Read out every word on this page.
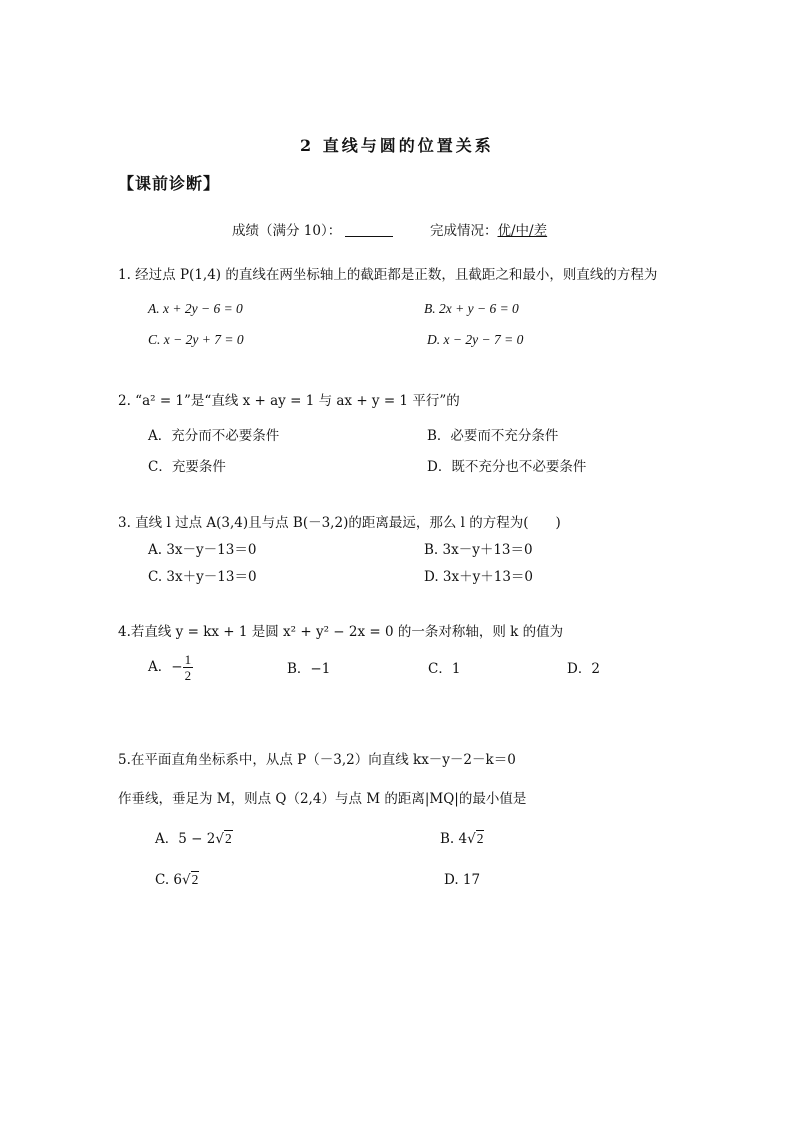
2 直线与圆的位置关系
【课前诊断】
成绩（满分 10）：	完成情况：优/中/差
1. 经过点 P(1,4) 的直线在两坐标轴上的截距都是正数，且截距之和最小，则直线的方程为
A. x + 2y − 6 = 0	B. 2x + y − 6 = 0
C. x − 2y + 7 = 0	D. x − 2y − 7 = 0
2. “a² = 1”是“直线 x + ay = 1 与 ax + y = 1 平行”的
A．充分而不必要条件	B．必要而不充分条件
C．充要条件	D．既不充分也不必要条件
3. 直线 l 过点 A(3,4)且与点 B(－3,2)的距离最远，那么 l 的方程为(　　)
A. 3x－y－13＝0	B. 3x－y＋13＝0
C. 3x＋y－13＝0	D. 3x＋y＋13＝0
4.若直线 y = kx + 1 是圆 x² + y² − 2x = 0 的一条对称轴，则 k 的值为
A．− $\frac{1}{2}$	B．−1	C．1	D．2
5.在平面直角坐标系中，从点 P（－3,2）向直线 kx－y－2－k＝0
作垂线，垂足为 M，则点 Q（2,4）与点 M 的距离|MQ|的最小值是
A．5 − 2√2	B. 4√2
C. 6√2	D. 17
